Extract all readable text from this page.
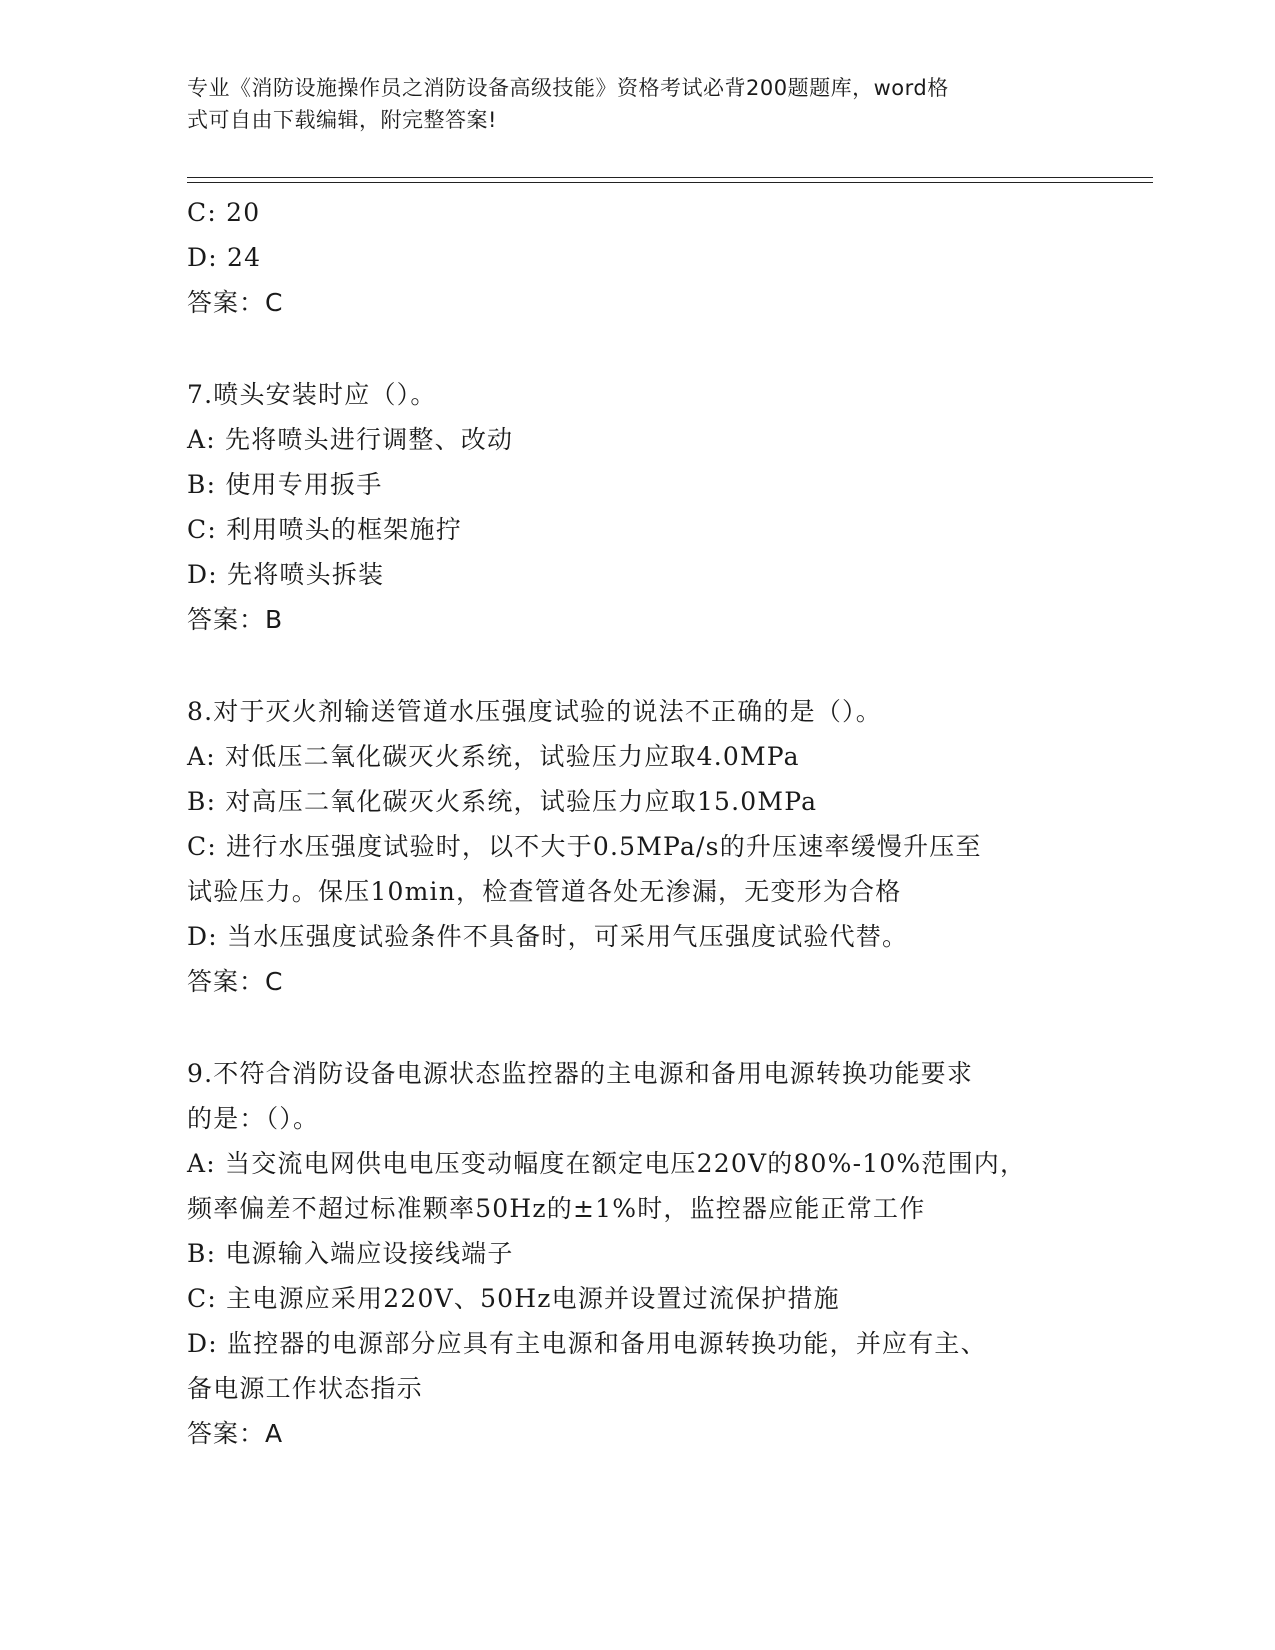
专业《消防设施操作员之消防设备高级技能》资格考试必背200题题库，word格
式可自由下载编辑，附完整答案!
C: 20
D: 24
答案：C
7.喷头安装时应（）。
A: 先将喷头进行调整、改动
B: 使用专用扳手
C: 利用喷头的框架施拧
D: 先将喷头拆装
答案：B
8.对于灭火剂输送管道水压强度试验的说法不正确的是（）。
A: 对低压二氧化碳灭火系统，试验压力应取4.0MPa
B: 对高压二氧化碳灭火系统，试验压力应取15.0MPa
C: 进行水压强度试验时，以不大于0.5MPa/s的升压速率缓慢升压至
试验压力。保压10min，检查管道各处无渗漏，无变形为合格
D: 当水压强度试验条件不具备时，可采用气压强度试验代替。
答案：C
9.不符合消防设备电源状态监控器的主电源和备用电源转换功能要求
的是：（）。
A: 当交流电网供电电压变动幅度在额定电压220V的80%-10%范围内，
频率偏差不超过标准颗率50Hz的±1%时，监控器应能正常工作
B: 电源输入端应设接线端子
C: 主电源应采用220V、50Hz电源并设置过流保护措施
D: 监控器的电源部分应具有主电源和备用电源转换功能，并应有主、
备电源工作状态指示
答案：A
